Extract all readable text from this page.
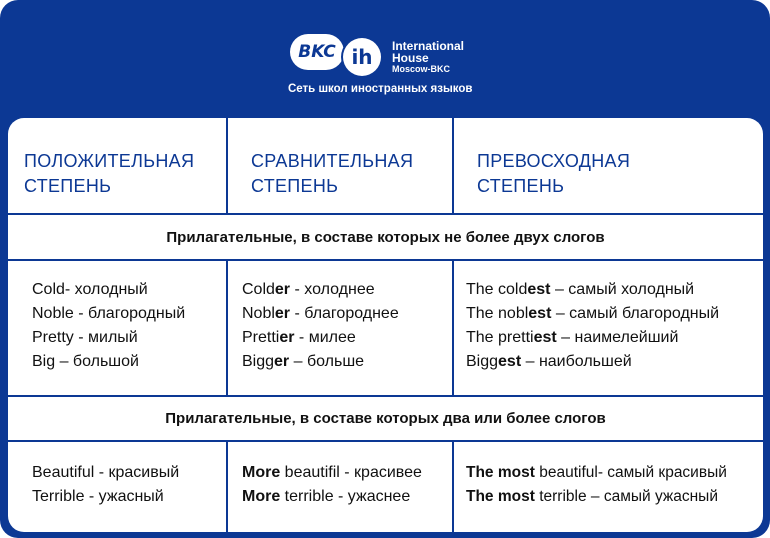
BKC ih	International
House
Moscow-BKC
Сеть школ иностранных языков
ПОЛОЖИТЕЛЬНАЯ
СТЕПЕНЬ
СРАВНИТЕЛЬНАЯ
СТЕПЕНЬ
ПРЕВОСХОДНАЯ
СТЕПЕНЬ
Прилагательные, в составе которых не более двух слогов
Cold- холодный
Noble - благородный
Pretty - милый
Big – большой
Colder - холоднее
Nobler - благороднее
Prettier - милее
Bigger – больше
The coldest – самый холодный
The noblest – самый благородный
The prettiest – наимелейший
Biggest – наибольшей
Прилагательные, в составе которых два или более слогов
Beautiful - красивый
Terrible - ужасный
More beautifil - красивее
More terrible - ужаснее
The most beautiful- самый красивый
The most terrible – самый ужасный
